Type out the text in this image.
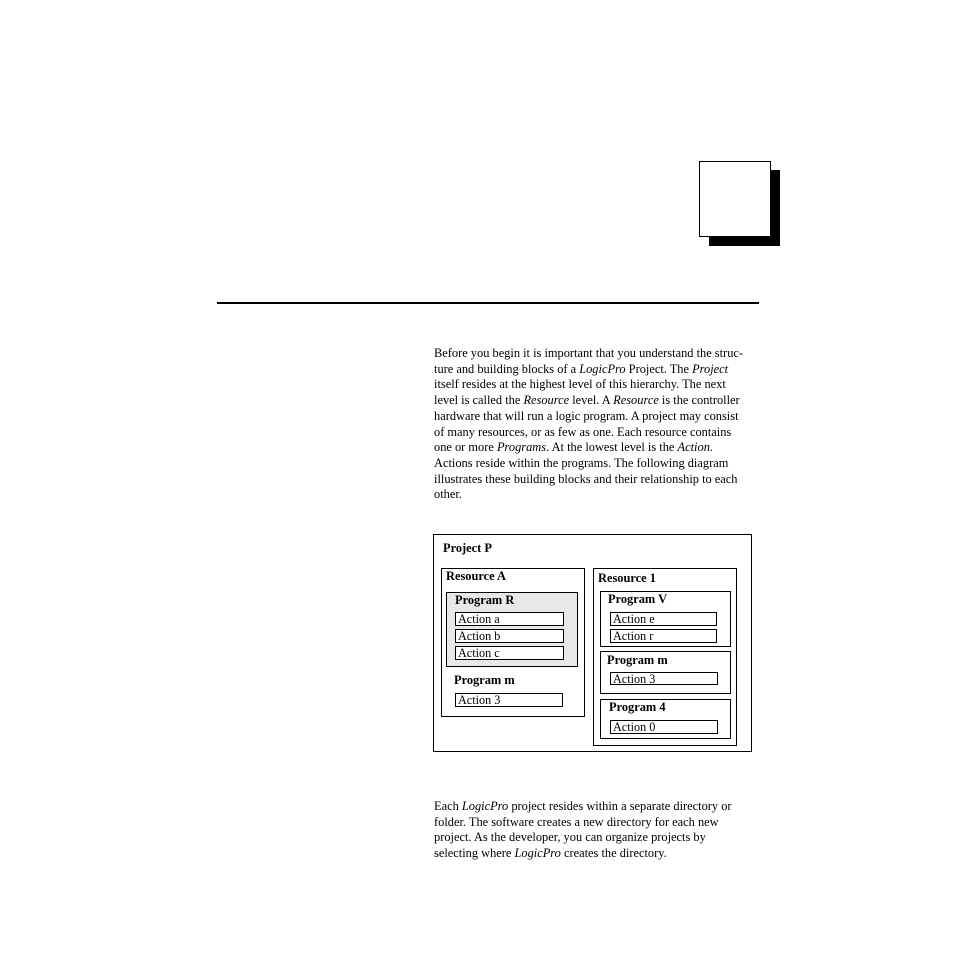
Before you begin it is important that you understand the struc-
ture and building blocks of a LogicPro Project. The Project
itself resides at the highest level of this hierarchy. The next
level is called the Resource level. A Resource is the controller
hardware that will run a logic program. A project may consist
of many resources, or as few as one. Each resource contains
one or more Programs. At the lowest level is the Action.
Actions reside within the programs. The following diagram
illustrates these building blocks and their relationship to each
other.

Project P
Resource A
Program R
Action a
Action b
Action c
Program m
Action 3
Resource 1
Program V
Action e
Action r
Program m
Action 3
Program 4
Action 0

Each LogicPro project resides within a separate directory or
folder. The software creates a new directory for each new
project. As the developer, you can organize projects by
selecting where LogicPro creates the directory.
